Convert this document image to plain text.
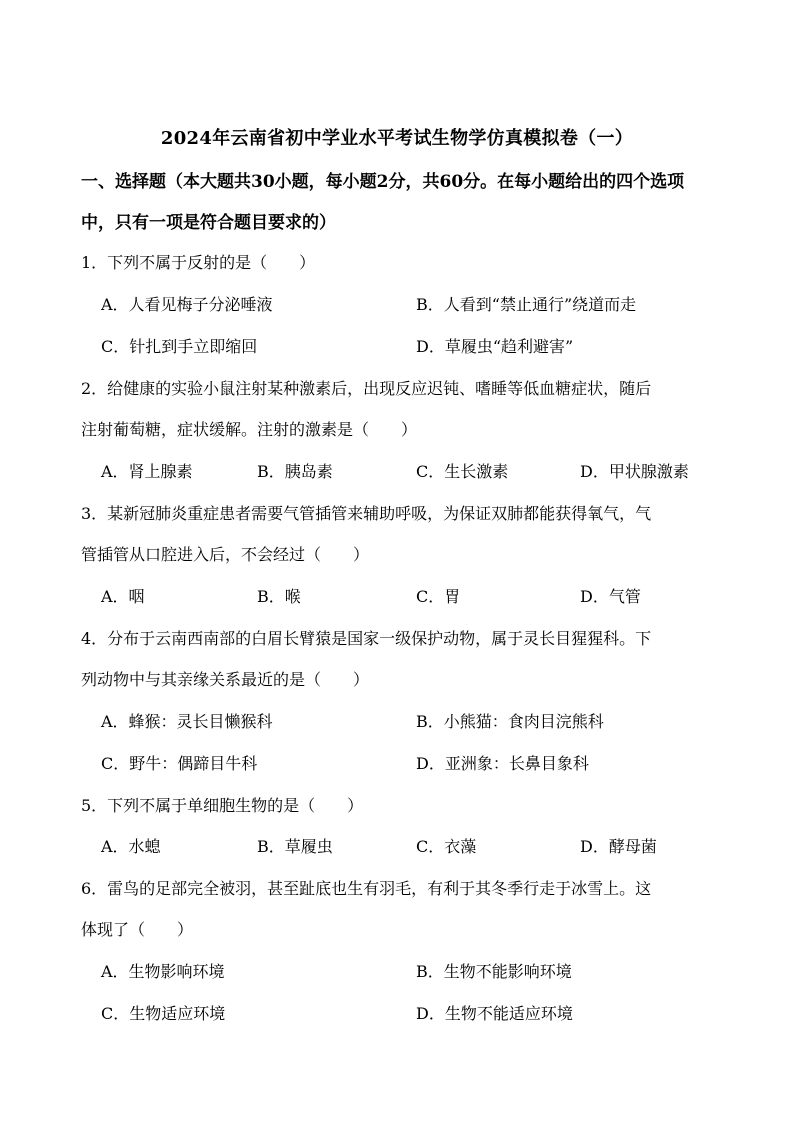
2024年云南省初中学业水平考试生物学仿真模拟卷（一）
一、选择题（本大题共30小题，每小题2分，共60分。在每小题给出的四个选项
中，只有一项是符合题目要求的）
1．下列不属于反射的是（　　）
A．人看见梅子分泌唾液	B．人看到“禁止通行”绕道而走
C．针扎到手立即缩回	D．草履虫“趋利避害”
2．给健康的实验小鼠注射某种激素后，出现反应迟钝、嗜睡等低血糖症状，随后
注射葡萄糖，症状缓解。注射的激素是（　　）
A．肾上腺素	B．胰岛素	C．生长激素	D．甲状腺激素
3．某新冠肺炎重症患者需要气管插管来辅助呼吸，为保证双肺都能获得氧气，气
管插管从口腔进入后，不会经过（　　）
A．咽	B．喉	C．胃	D．气管
4．分布于云南西南部的白眉长臂猿是国家一级保护动物，属于灵长目猩猩科。下
列动物中与其亲缘关系最近的是（　　）
A．蜂猴：灵长目懒猴科	B．小熊猫：食肉目浣熊科
C．野牛：偶蹄目牛科	D．亚洲象：长鼻目象科
5．下列不属于单细胞生物的是（　　）
A．水螅	B．草履虫	C．衣藻	D．酵母菌
6．雷鸟的足部完全被羽，甚至趾底也生有羽毛，有利于其冬季行走于冰雪上。这
体现了（　　）
A．生物影响环境	B．生物不能影响环境
C．生物适应环境	D．生物不能适应环境
